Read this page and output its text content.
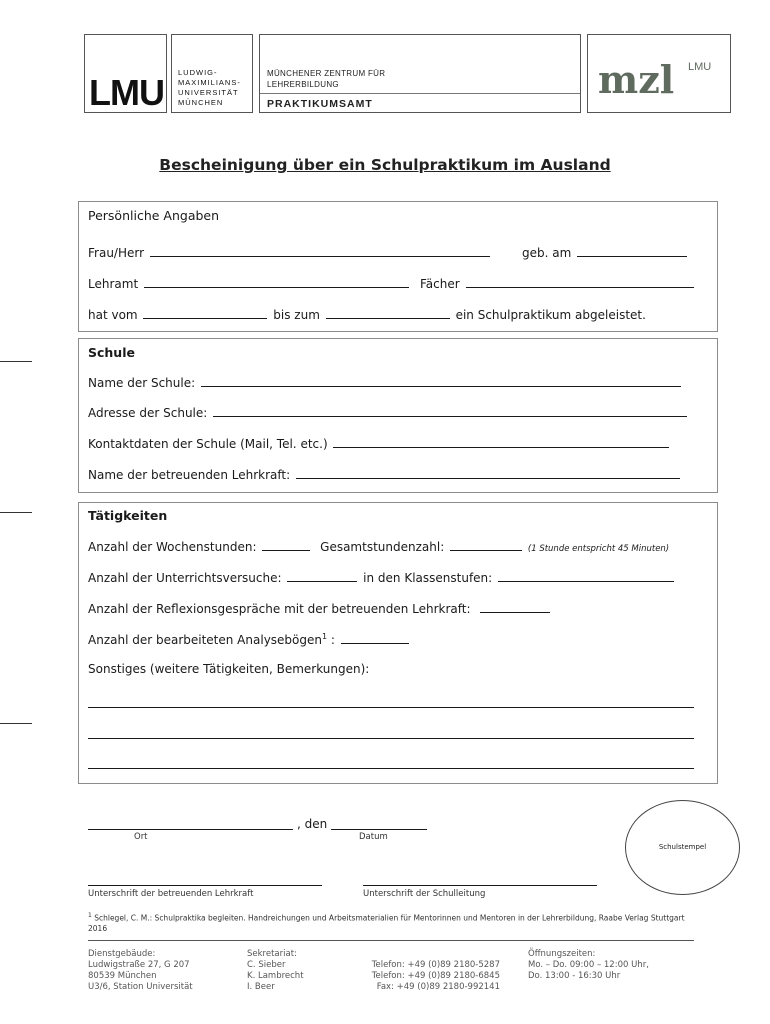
LMU LUDWIG-
MAXIMILIANS-
UNIVERSITÄT
MÜNCHEN
MÜNCHENER ZENTRUM FÜR
LEHRERBILDUNG
PRAKTIKUMSAMT
mzl LMU
Bescheinigung über ein Schulpraktikum im Ausland
Persönliche Angaben
Frau/Herr	geb. am
Lehramt	Fächer
hat vom	bis zum	ein Schulpraktikum abgeleistet.
Schule
Name der Schule:
Adresse der Schule:
Kontaktdaten der Schule (Mail, Tel. etc.)
Name der betreuenden Lehrkraft:
Tätigkeiten
Anzahl der Wochenstunden:	Gesamtstundenzahl:	(1 Stunde entspricht 45 Minuten)
Anzahl der Unterrichtsversuche:	in den Klassenstufen:
Anzahl der Reflexionsgespräche mit der betreuenden Lehrkraft:
Anzahl der bearbeiteten Analysebögen$^1$ :
Sonstiges (weitere Tätigkeiten, Bemerkungen):
, den
Ort	Datum
Schulstempel
Unterschrift der betreuenden Lehrkraft	Unterschrift der Schulleitung
$^1$ Schlegel, C. M.: Schulpraktika begleiten. Handreichungen und Arbeitsmaterialien für Mentorinnen und Mentoren in der Lehrerbildung, Raabe Verlag Stuttgart 2016
Dienstgebäude:
Ludwigstraße 27, G 207
80539 München
U3/6, Station Universität
Sekretariat:
C. Sieber
K. Lambrecht
I. Beer
Telefon: +49 (0)89 2180-5287
Telefon: +49 (0)89 2180-6845
Fax: +49 (0)89 2180-992141
Öffnungszeiten:
Mo. – Do. 09:00 – 12:00 Uhr,
Do. 13:00 - 16:30 Uhr
